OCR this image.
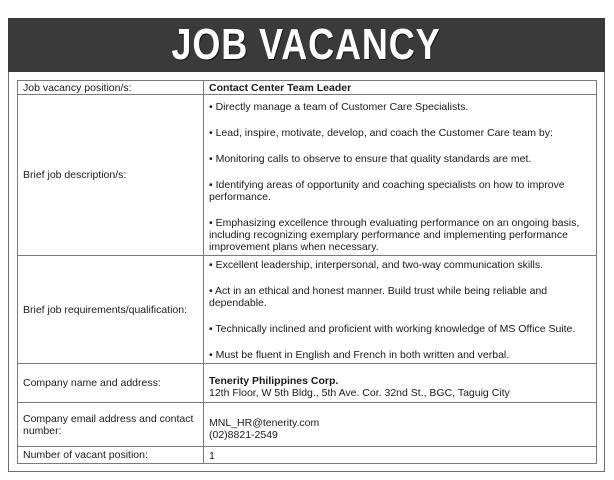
JOB VACANCY
Job vacancy position/s:	Contact Center Team Leader
Brief job description/s:	• Directly manage a team of Customer Care Specialists.

• Lead, inspire, motivate, develop, and coach the Customer Care team by:

• Monitoring calls to observe to ensure that quality standards are met.

• Identifying areas of opportunity and coaching specialists on how to improve performance.

• Emphasizing excellence through evaluating performance on an ongoing basis, including recognizing exemplary performance and implementing performance improvement plans when necessary.

Brief job requirements/qualification:	• Excellent leadership, interpersonal, and two-way communication skills.

• Act in an ethical and honest manner. Build trust while being reliable and dependable.

• Technically inclined and proficient with working knowledge of MS Office Suite.

• Must be fluent in English and French in both written and verbal.

Company name and address:	Tenerity Philippines Corp.
12th Floor, W 5th Bldg., 5th Ave. Cor. 32nd St., BGC, Taguig City

Company email address and contact number:	MNL_HR@tenerity.com
(02)8821-2549

Number of vacant position:	1
